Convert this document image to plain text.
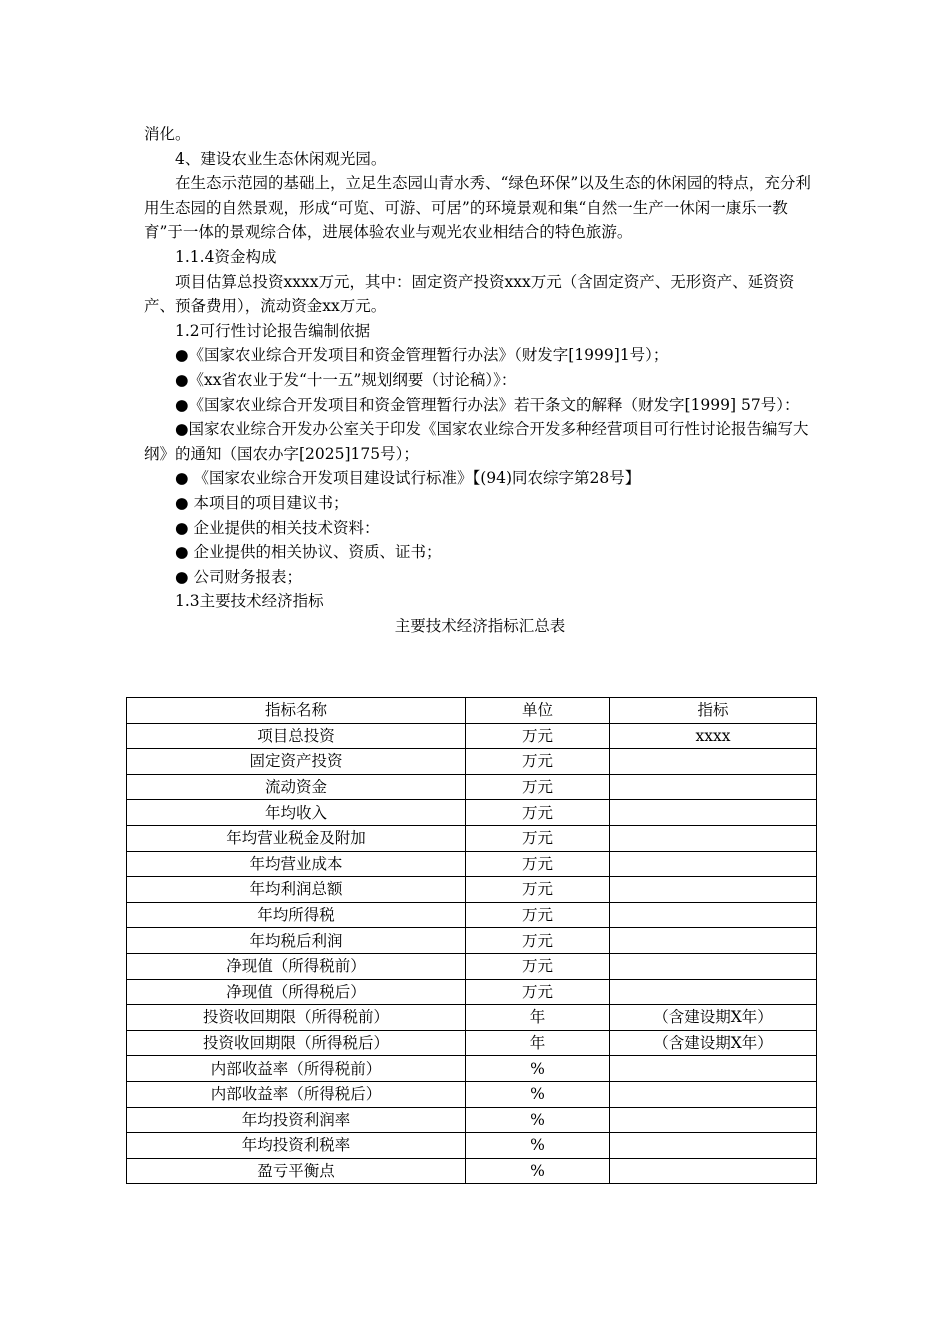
消化。

4、建设农业生态休闲观光园。

在生态示范园的基础上，立足生态园山青水秀、“绿色环保”以及生态的休闲园的特点，充分利用生态园的自然景观，形成“可览、可游、可居”的环境景观和集“自然一生产一休闲一康乐一教育”于一体的景观综合体，进展体验农业与观光农业相结合的特色旅游。

1.1.4资金构成

项目估算总投资xxxx万元，其中：固定资产投资xxx万元（含固定资产、无形资产、延资资产、预备费用），流动资金xx万元。

1.2可行性讨论报告编制依据

●《国家农业综合开发项目和资金管理暂行办法》（财发字[1999]1号）；

●《xx省农业于发“十一五”规划纲要（讨论稿）》：

●《国家农业综合开发项目和资金管理暂行办法》若干条文的解释（财发字[1999] 57号）：

●国家农业综合开发办公室关于印发《国家农业综合开发多种经营项目可行性讨论报告编写大纲》的通知（国农办字[2025]175号）；

● 《国家农业综合开发项目建设试行标准》【(94)同农综字第28号】

● 本项目的项目建议书；

● 企业提供的相关技术资料：

● 企业提供的相关协议、资质、证书；

● 公司财务报表；

1.3主要技术经济指标

主要技术经济指标汇总表

指标名称	单位	指标
项目总投资	万元	xxxx
固定资产投资	万元	
流动资金	万元	
年均收入	万元	
年均营业税金及附加	万元	
年均营业成本	万元	
年均利润总额	万元	
年均所得税	万元	
年均税后利润	万元	
净现值（所得税前）	万元	
净现值（所得税后）	万元	
投资收回期限（所得税前）	年	（含建设期X年）
投资收回期限（所得税后）	年	（含建设期X年）
内部收益率（所得税前）	%	
内部收益率（所得税后）	%	
年均投资利润率	%	
年均投资利税率	%	
盈亏平衡点	%	
